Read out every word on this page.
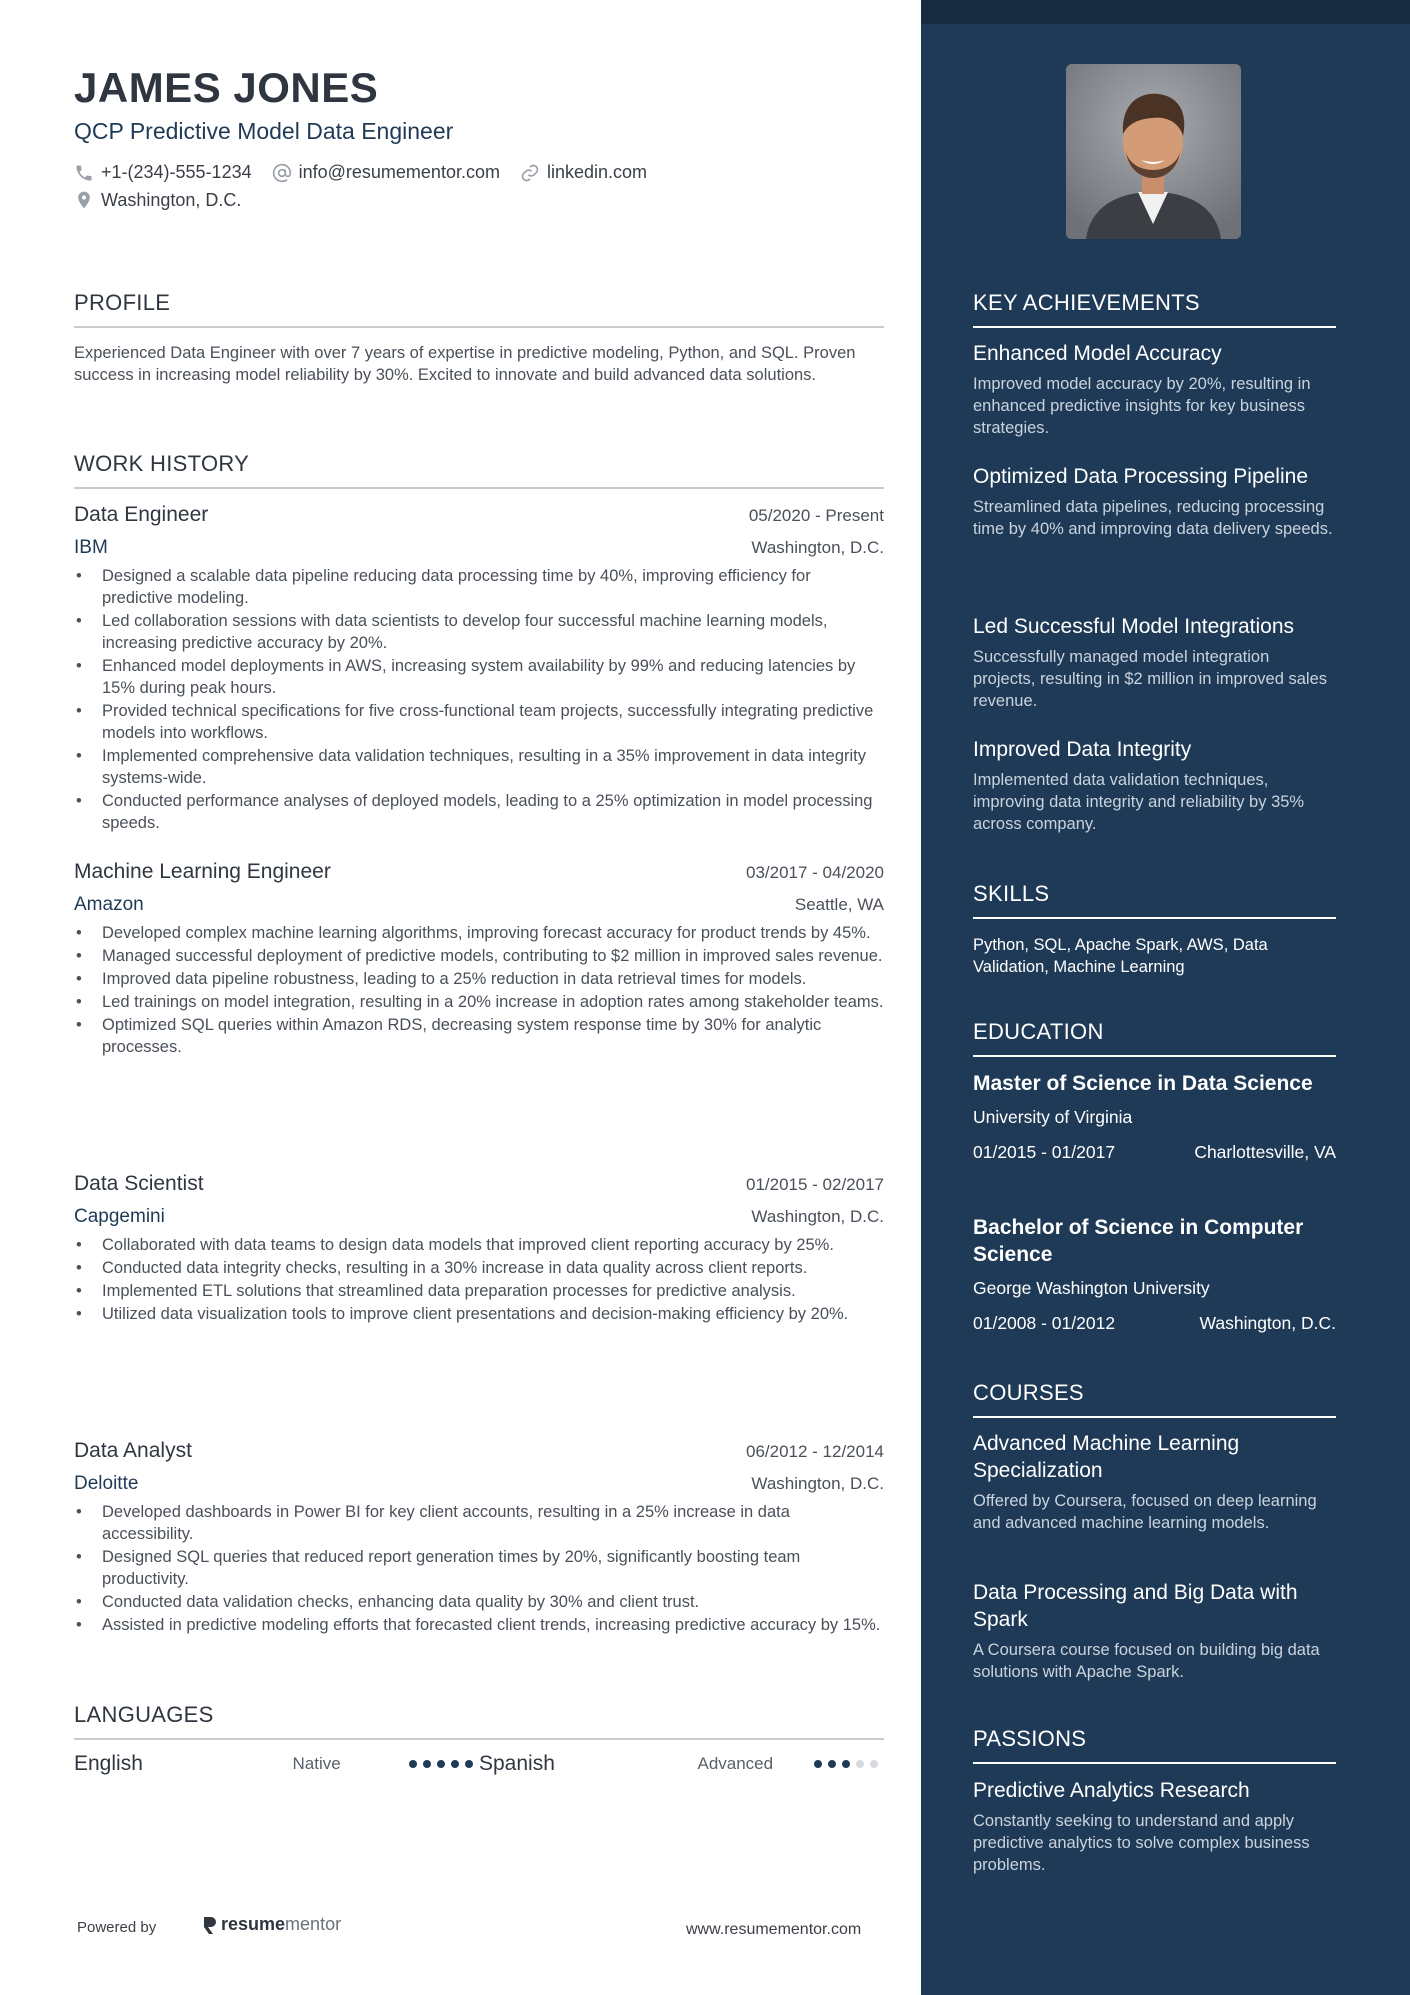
JAMES JONES
QCP Predictive Model Data Engineer
+1-(234)-555-1234	info@resumementor.com	linkedin.com
Washington, D.C.
PROFILE
Experienced Data Engineer with over 7 years of expertise in predictive modeling, Python, and SQL. Proven success in increasing model reliability by 30%. Excited to innovate and build advanced data solutions.
WORK HISTORY
Data Engineer	05/2020 - Present
IBM	Washington, D.C.
• Designed a scalable data pipeline reducing data processing time by 40%, improving efficiency for predictive modeling.
• Led collaboration sessions with data scientists to develop four successful machine learning models, increasing predictive accuracy by 20%.
• Enhanced model deployments in AWS, increasing system availability by 99% and reducing latencies by 15% during peak hours.
• Provided technical specifications for five cross-functional team projects, successfully integrating predictive models into workflows.
• Implemented comprehensive data validation techniques, resulting in a 35% improvement in data integrity systems-wide.
• Conducted performance analyses of deployed models, leading to a 25% optimization in model processing speeds.
Machine Learning Engineer	03/2017 - 04/2020
Amazon	Seattle, WA
• Developed complex machine learning algorithms, improving forecast accuracy for product trends by 45%.
• Managed successful deployment of predictive models, contributing to $2 million in improved sales revenue.
• Improved data pipeline robustness, leading to a 25% reduction in data retrieval times for models.
• Led trainings on model integration, resulting in a 20% increase in adoption rates among stakeholder teams.
• Optimized SQL queries within Amazon RDS, decreasing system response time by 30% for analytic processes.
Data Scientist	01/2015 - 02/2017
Capgemini	Washington, D.C.
• Collaborated with data teams to design data models that improved client reporting accuracy by 25%.
• Conducted data integrity checks, resulting in a 30% increase in data quality across client reports.
• Implemented ETL solutions that streamlined data preparation processes for predictive analysis.
• Utilized data visualization tools to improve client presentations and decision-making efficiency by 20%.
Data Analyst	06/2012 - 12/2014
Deloitte	Washington, D.C.
• Developed dashboards in Power BI for key client accounts, resulting in a 25% increase in data accessibility.
• Designed SQL queries that reduced report generation times by 20%, significantly boosting team productivity.
• Conducted data validation checks, enhancing data quality by 30% and client trust.
• Assisted in predictive modeling efforts that forecasted client trends, increasing predictive accuracy by 15%.
LANGUAGES
English	Native	Spanish	Advanced
Powered by	resume mentor	www.resumementor.com
KEY ACHIEVEMENTS
Enhanced Model Accuracy
Improved model accuracy by 20%, resulting in enhanced predictive insights for key business strategies.
Optimized Data Processing Pipeline
Streamlined data pipelines, reducing processing time by 40% and improving data delivery speeds.
Led Successful Model Integrations
Successfully managed model integration projects, resulting in $2 million in improved sales revenue.
Improved Data Integrity
Implemented data validation techniques, improving data integrity and reliability by 35% across company.
SKILLS
Python, SQL, Apache Spark, AWS, Data Validation, Machine Learning
EDUCATION
Master of Science in Data Science
University of Virginia
01/2015 - 01/2017	Charlottesville, VA
Bachelor of Science in Computer Science
George Washington University
01/2008 - 01/2012	Washington, D.C.
COURSES
Advanced Machine Learning Specialization
Offered by Coursera, focused on deep learning and advanced machine learning models.
Data Processing and Big Data with Spark
A Coursera course focused on building big data solutions with Apache Spark.
PASSIONS
Predictive Analytics Research
Constantly seeking to understand and apply predictive analytics to solve complex business problems.
